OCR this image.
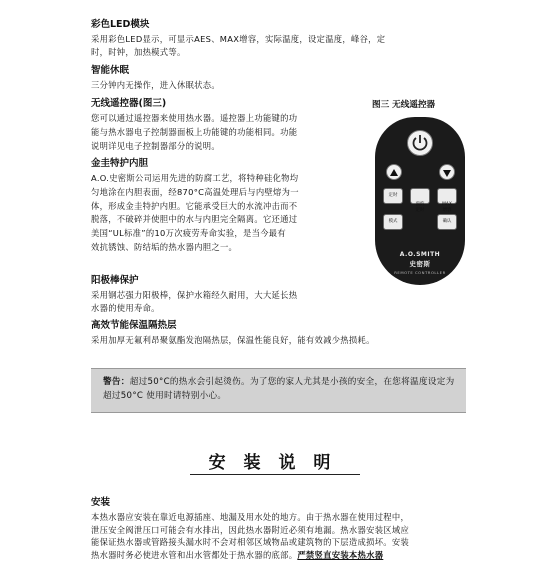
彩色LED模块
采用彩色LED显示，可显示AES、MAX增容，实际温度，设定温度，峰谷，定
时，时钟，加热模式等。
智能休眠
三分钟内无操作，进入休眠状态。
无线遥控器(图三)
您可以通过遥控器来使用热水器。遥控器上功能键的功
能与热水器电子控制器面板上功能键的功能相同。功能
说明详见电子控制器部分的说明。
金圭特护内胆
A.O.史密斯公司运用先进的防腐工艺，将特种硅化物均
匀地涂在内胆表面，经870°C高温处理后与内壁熔为一
体，形成金圭特护内胆。它能承受巨大的水流冲击而不
脱落，不破碎并使胆中的水与内胆完全隔离。它还通过
美国“UL标准”的10万次疲劳寿命实验，是当今最有
效抗锈蚀、防结垢的热水器内胆之一。
阳极棒保护
采用钢芯强力阳极棒，保护水箱经久耐用，大大延长热
水器的使用寿命。
高效节能保温隔热层
采用加厚无氟利昂聚氨酯发泡隔热层，保温性能良好，能有效减少热损耗。
图三 无线遥控器
定时

预约
定时

MAX
增容

模式	确认
A.O.SMITH
史密斯
REMOTE CONTROLLER
警告：超过50°C的热水会引起烫伤。为了您的家人尤其是小孩的安全，在您将温度设定为超过50°C 使用时请特别小心。
安 装 说 明
安装
本热水器应安装在靠近电源插座、地漏及用水处的地方。由于热水器在使用过程中，
泄压安全阀泄压口可能会有水排出，因此热水器附近必须有地漏。热水器安装区域应
能保证热水器或管路接头漏水时不会对相邻区域物品或建筑物的下层造成损坏。安装
热水器时务必使进水管和出水管都处于热水器的底部。严禁竖直安装本热水器
